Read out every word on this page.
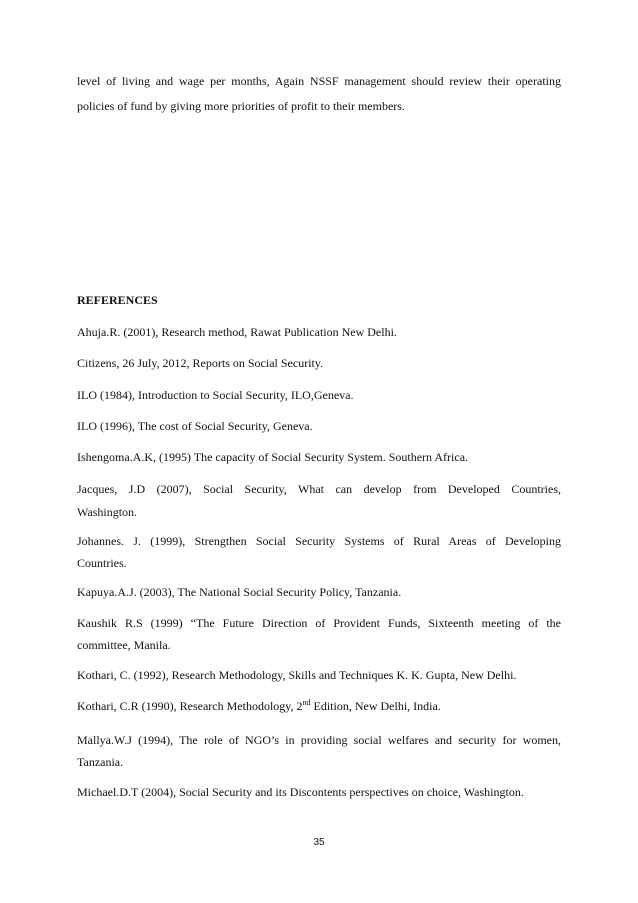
level of living and wage per months, Again NSSF management should review their operating
policies of fund by giving more priorities of profit to their members.
REFERENCES
Ahuja.R. (2001), Research method, Rawat Publication New Delhi.
Citizens, 26 July, 2012, Reports on Social Security.
ILO (1984), Introduction to Social Security, ILO,Geneva.
ILO (1996), The cost of Social Security, Geneva.
Ishengoma.A.K, (1995) The capacity of Social Security System. Southern Africa.
Jacques, J.D (2007), Social Security, What can develop from Developed Countries,
Washington.
Johannes. J. (1999), Strengthen Social Security Systems of Rural Areas of Developing
Countries.
Kapuya.A.J. (2003), The National Social Security Policy, Tanzania.
Kaushik R.S (1999) “The Future Direction of Provident Funds, Sixteenth meeting of the
committee, Manila.
Kothari, C. (1992), Research Methodology, Skills and Techniques K. K. Gupta, New Delhi.
Kothari, C.R (1990), Research Methodology, 2nd Edition, New Delhi, India.
Mallya.W.J (1994), The role of NGO’s in providing social welfares and security for women,
Tanzania.
Michael.D.T (2004), Social Security and its Discontents perspectives on choice, Washington.
35
